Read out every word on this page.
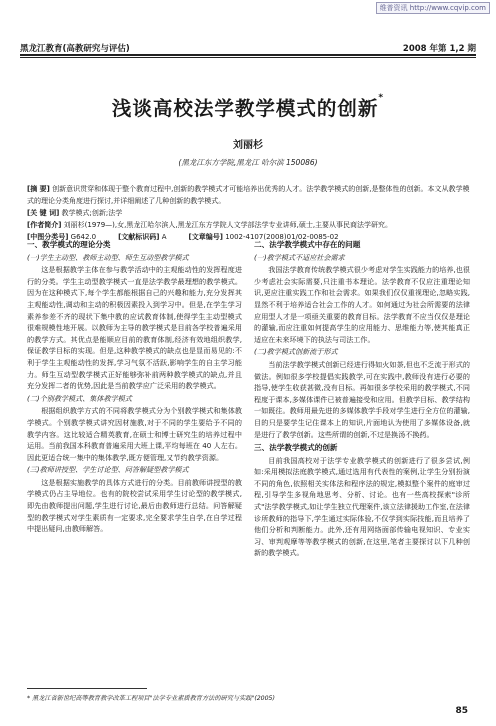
维普资讯 http://www.cqvip.com
黑龙江教育(高教研究与评估)	2008 年第 1,2 期
浅谈高校法学教学模式的创新*
刘丽杉
(黑龙江东方学院,黑龙江 哈尔滨 150086)
[摘 要] 创新意识贯穿和体现于整个教育过程中,创新的教学模式才可能培养出优秀的人才。法学教学模式的创新,是整体性的创新。本文从教学模式的理论分类角度进行探讨,并详细阐述了几种创新的教学模式。
[关 键 词] 教学模式;创新;法学
[作者简介] 刘丽杉(1979—),女,黑龙江哈尔滨人,黑龙江东方学院人文学部法学专业讲师,硕士,主要从事民商法学研究。
[中图分类号] G642.0	[文献标识码] A	[文章编号] 1002-4107(2008)01/02-0085-02
一、教学模式的理论分类
(一)学生主动型、教师主动型、师生互动型教学模式

这是根据教学主体在参与教学活动中的主观能动性的发挥程度进行的分类。学生主动型教学模式一直是法学教学最理想的教学模式。因为在这种模式下,每个学生都能根据自己的兴趣和能力,充分发挥其主观能动性,调动和主动的积极因素投入到学习中。但是,在学生学习素养参差不齐的现状下集中教的应试教育体制,使得学生主动型模式很难规模性地开展。以教师为主导的教学模式是目前各学校普遍采用的教学方式。其优点是能顺应目前的教育体制,经济有效地组织教学,保证教学目标的实现。但是,这种教学模式的缺点也是显而易见的:不利于学生主观能动性的发挥,学习气氛不活跃,影响学生的自主学习能力。师生互动型教学模式正好能够弥补前两种教学模式的缺点,并且充分发挥二者的优势,因此是当前教学应广泛采用的教学模式。

(二)个别教学模式、集体教学模式

根据组织教学方式的不同将教学模式分为个别教学模式和集体教学模式。个别教学模式讲究因材施教,对于不同的学生要给予不同的教学内容。这比较适合精英教育,在硕士和博士研究生的培养过程中运用。当前我国本科教育普遍采用大班上课,平均每班在 40 人左右。因此更适合统一集中的集体教学,既方便管理,又节约教学资源。

(三)教师讲授型、学生讨论型、问答解疑型教学模式

这是根据实施教学的具体方式进行的分类。目前教师讲授型的教学模式仍占主导地位。也有的院校尝试采用学生讨论型的教学模式,即先由教师提出问题,学生进行讨论,最后由教师进行总结。问答解疑型的教学模式对学生素质有一定要求,完全要求学生自学,在自学过程中提出疑问,由教师解答。

二、法学教学模式中存在的问题
(一)教学模式不适应社会需求

我国法学教育传统教学模式很少考虑对学生实践能力的培养,也很少考虑社会实际需要,只注重书本理论。法学教育不仅应注重理论知识,更应注重实践工作和社会需求。如果我们仅仅重视理论,忽略实践,显然不利于培养适合社会工作的人才。如何通过为社会所需要的法律应用型人才是一项亟关重要的教育目标。法学教育不应当仅仅是理论的灌输,而应注重如何提高学生的应用能力、思维能力等,使其能真正适应在未来环境下的执法与司法工作。

(二)教学模式创新流于形式

当前法学教学模式创新已经进行得如火如荼,但也不乏流于形式的做法。例如很多学校提倡实践教学,可在实践中,教师没有进行必要的指导,使学生收获甚微,没有目标。再如很多学校采用的教学模式,不同程度于课本,多媒体课件已被普遍接受和应用。但教学目标、教学结构一如既往。教师用最先进的多媒体教学手段对学生进行全方位的灌输,目的只是要学生记住课本上的知识,片面地认为使用了多媒体设备,就是进行了教学创新。这些所谓的创新,不过是换汤不换药。

三、法学教学模式的创新

目前我国高校对于法学专业教学模式的创新进行了很多尝试,例如:采用模拟法庭教学模式,通过选用有代表性的案例,让学生分别扮演不同的角色,依照相关实体法和程序法的规定,模拟整个案件的庭审过程,引导学生多视角地思考、分析、讨论。也有一些高校探索"诊所式"法学教学模式,如让学生独立代理案件,该立法律援助工作室,在法律诊所教师的指导下,学生通过实际体验,不仅学到实际技能,而且培养了他们分析和判断能力。此外,还有用网络面部传输电视知识、专业实习、审判观摩等等教学模式的创新,在这里,笔者主要探讨以下几种创新的教学模式。

* 黑龙江省新世纪高等教育教学改革工程项目"法学专业素质教育方法的研究与实践"(2005)
85
